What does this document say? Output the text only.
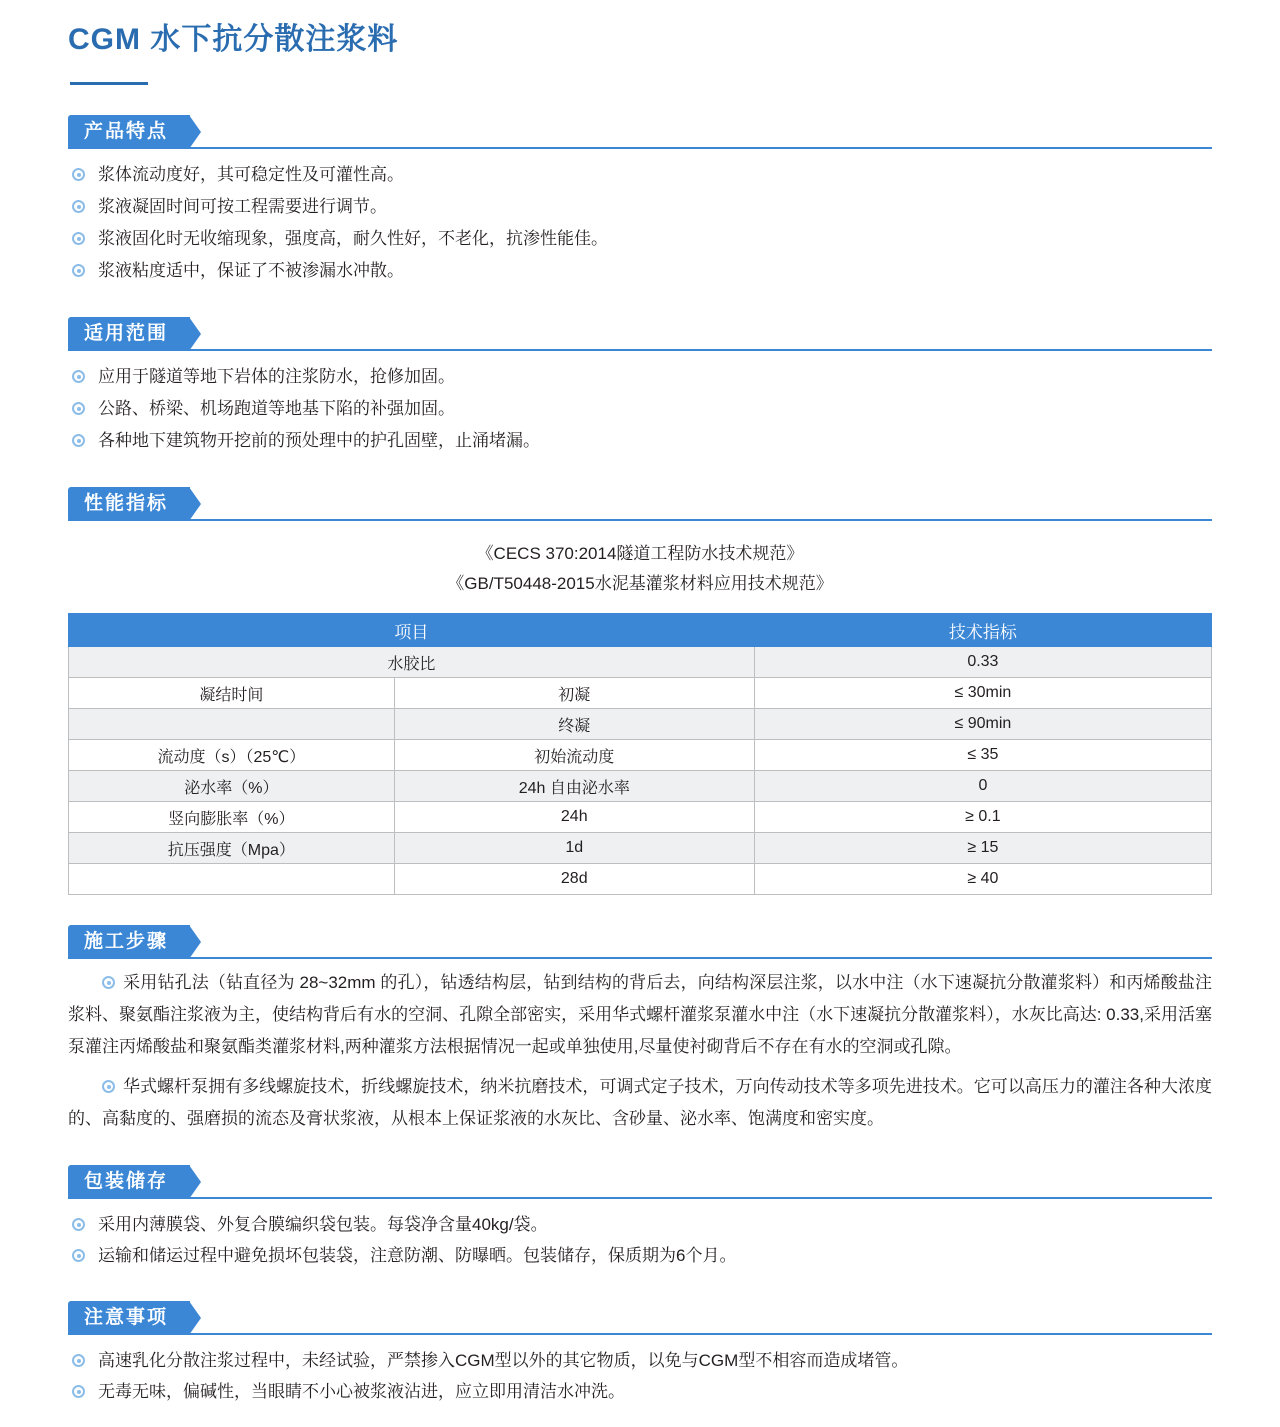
CGM 水下抗分散注浆料
产品特点
浆体流动度好，其可稳定性及可灌性高。
浆液凝固时间可按工程需要进行调节。
浆液固化时无收缩现象，强度高，耐久性好，不老化，抗渗性能佳。
浆液粘度适中，保证了不被渗漏水冲散。
适用范围
应用于隧道等地下岩体的注浆防水，抢修加固。
公路、桥梁、机场跑道等地基下陷的补强加固。
各种地下建筑物开挖前的预处理中的护孔固壁，止涌堵漏。
性能指标
《CECS 370:2014隧道工程防水技术规范》
《GB/T50448-2015水泥基灌浆材料应用技术规范》
项目		技术指标
水胶比		0.33
凝结时间	初凝	≤ 30min
	终凝	≤ 90min
流动度（s）（25℃）	初始流动度	≤ 35
泌水率（%）	24h 自由泌水率	0
竖向膨胀率（%）	24h	≥ 0.1
抗压强度（Mpa）	1d	≥ 15
	28d	≥ 40
施工步骤

采用钻孔法（钻直径为 28~32mm 的孔），钻透结构层，钻到结构的背后去，向结构深层注浆，以水中注（水下速凝抗分散灌浆料）和丙烯酸盐注浆料、聚氨酯注浆液为主，使结构背后有水的空洞、孔隙全部密实，采用华式螺杆灌浆泵灌水中注（水下速凝抗分散灌浆料），水灰比高达: 0.33,采用活塞泵灌注丙烯酸盐和聚氨酯类灌浆材料,两种灌浆方法根据情况一起或单独使用,尽量使衬砌背后不存在有水的空洞或孔隙。

华式螺杆泵拥有多线螺旋技术，折线螺旋技术，纳米抗磨技术，可调式定子技术，万向传动技术等多项先进技术。它可以高压力的灌注各种大浓度的、高黏度的、强磨损的流态及膏状浆液，从根本上保证浆液的水灰比、含砂量、泌水率、饱满度和密实度。

包装储存
采用内薄膜袋、外复合膜编织袋包装。每袋净含量40kg/袋。
运输和储运过程中避免损坏包装袋，注意防潮、防曝晒。包装储存，保质期为6个月。
注意事项
高速乳化分散注浆过程中，未经试验，严禁掺入CGM型以外的其它物质，以免与CGM型不相容而造成堵管。
无毒无味，偏碱性，当眼睛不小心被浆液沾进，应立即用清洁水冲洗。
